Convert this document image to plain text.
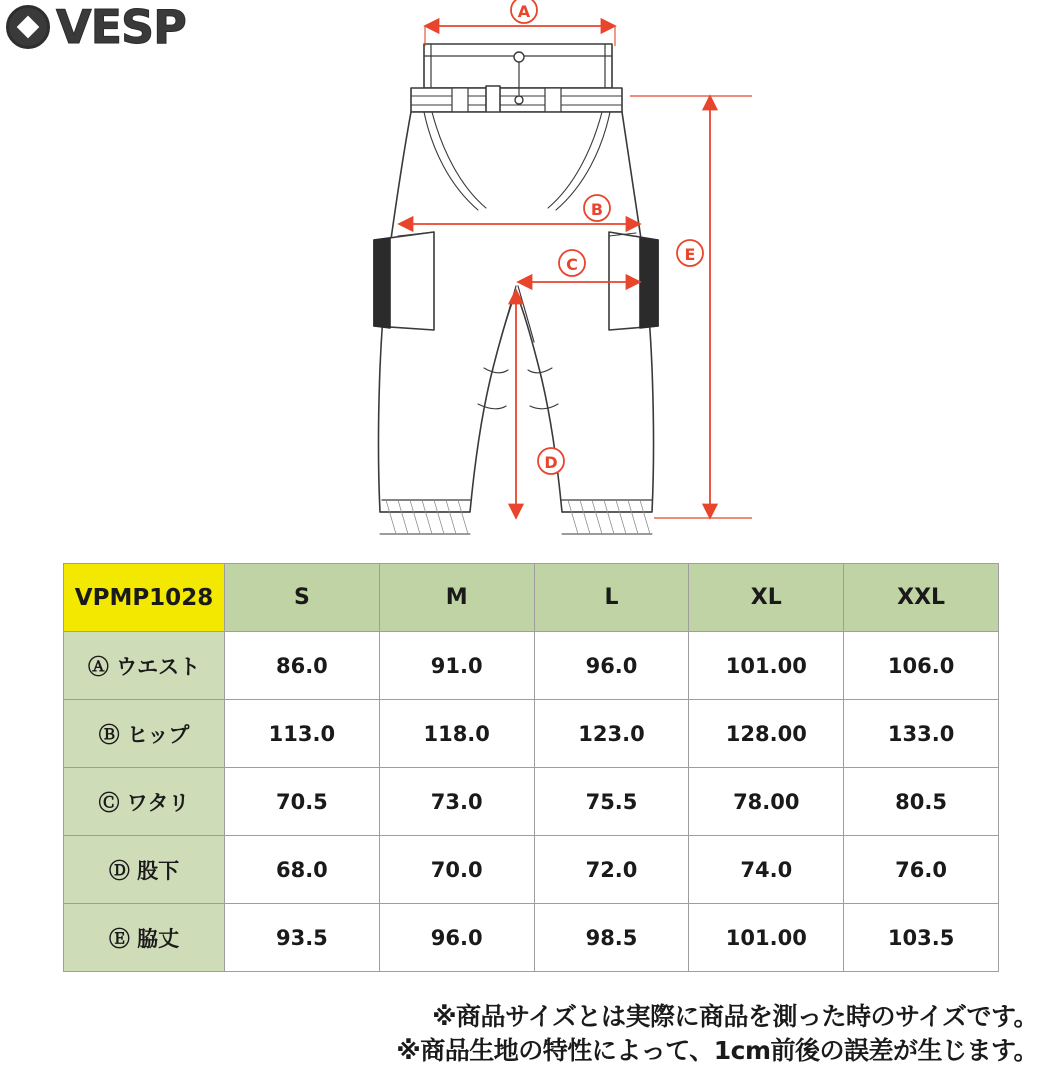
VESP	A
B
C
D
E
VPMP1028	S	M	L	XL	XXL
Ⓐ ウエスト	86.0	91.0	96.0	101.00	106.0
Ⓑ ヒップ	113.0	118.0	123.0	128.00	133.0
Ⓒ ワタリ	70.5	73.0	75.5	78.00	80.5
Ⓓ 股下	68.0	70.0	72.0	74.0	76.0
Ⓔ 脇丈	93.5	96.0	98.5	101.00	103.5
※商品サイズとは実際に商品を測った時のサイズです。
※商品生地の特性によって、1cm前後の誤差が生じます。
